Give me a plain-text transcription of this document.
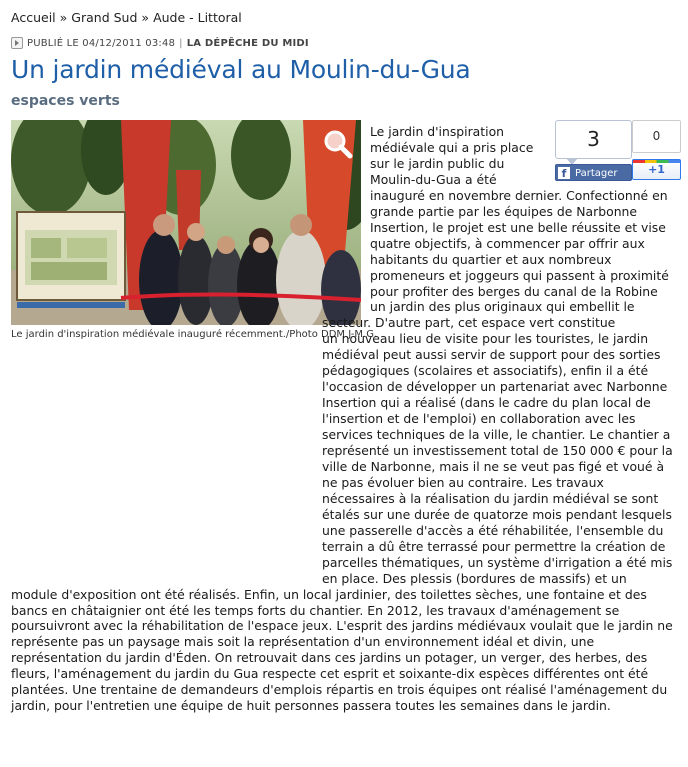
Accueil » Grand Sud » Aude - Littoral
PUBLIÉ LE 04/12/2011 03:48 | LA DÉPÊCHE DU MIDI
Un jardin médiéval au Moulin-du-Gua
espaces verts
Le jardin d'inspiration médiévale inauguré récemment./Photo DDM J-M.G.
3
f Partager
0
+1
Le jardin d'inspiration
médiévale qui a pris place
sur le jardin public du
Moulin-du-Gua a été
inauguré en novembre dernier. Confectionné en
grande partie par les équipes de Narbonne
Insertion, le projet est une belle réussite et vise
quatre objectifs, à commencer par offrir aux
habitants du quartier et aux nombreux
promeneurs et joggeurs qui passent à proximité
pour profiter des berges du canal de la Robine
un jardin des plus originaux qui embellit le
secteur. D'autre part, cet espace vert constitue
un nouveau lieu de visite pour les touristes, le jardin
médiéval peut aussi servir de support pour des sorties
pédagogiques (scolaires et associatifs), enfin il a été
l'occasion de développer un partenariat avec Narbonne
Insertion qui a réalisé (dans le cadre du plan local de
l'insertion et de l'emploi) en collaboration avec les
services techniques de la ville, le chantier. Le chantier a
représenté un investissement total de 150 000 € pour la
ville de Narbonne, mais il ne se veut pas figé et voué à
ne pas évoluer bien au contraire. Les travaux
nécessaires à la réalisation du jardin médiéval se sont
étalés sur une durée de quatorze mois pendant lesquels
une passerelle d'accès a été réhabilitée, l'ensemble du
terrain a dû être terrassé pour permettre la création de
parcelles thématiques, un système d'irrigation a été mis
en place. Des plessis (bordures de massifs) et un
module d'exposition ont été réalisés. Enfin, un local jardinier, des toilettes sèches, une fontaine et des
bancs en châtaignier ont été les temps forts du chantier. En 2012, les travaux d'aménagement se
poursuivront avec la réhabilitation de l'espace jeux. L'esprit des jardins médiévaux voulait que le jardin ne
représente pas un paysage mais soit la représentation d'un environnement idéal et divin, une
représentation du jardin d'Éden. On retrouvait dans ces jardins un potager, un verger, des herbes, des
fleurs, l'aménagement du jardin du Gua respecte cet esprit et soixante-dix espèces différentes ont été
plantées. Une trentaine de demandeurs d'emplois répartis en trois équipes ont réalisé l'aménagement du
jardin, pour l'entretien une équipe de huit personnes passera toutes les semaines dans le jardin.
